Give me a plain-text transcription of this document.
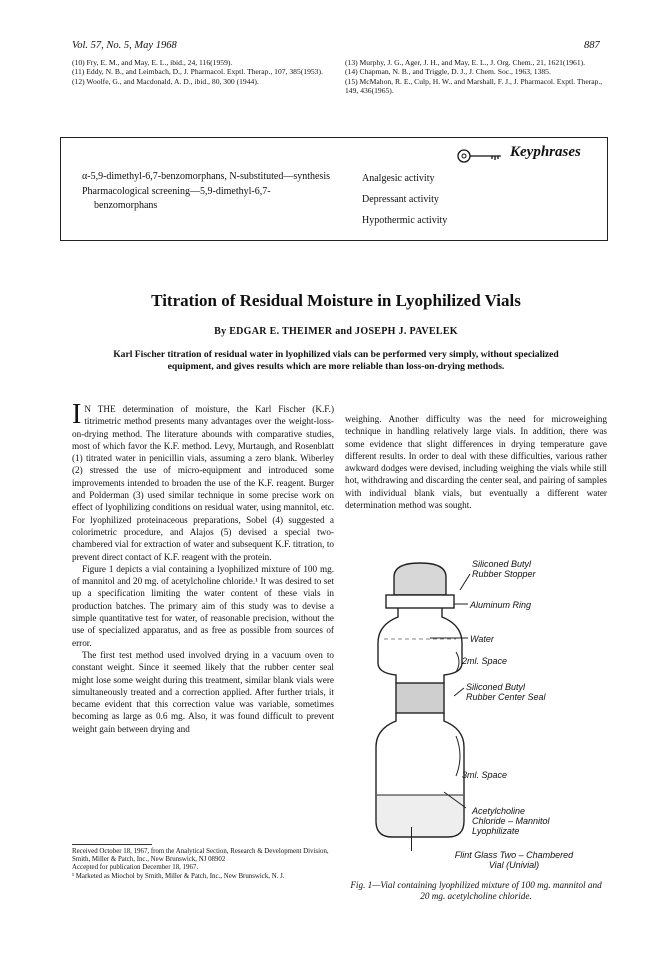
Vol. 57, No. 5, May 1968	887

(10) Fry, E. M., and May, E. L., ibid., 24, 116(1959).

(11) Eddy, N. B., and Leimbach, D., J. Pharmacol. Exptl. Therap., 107, 385(1953).

(12) Woolfe, G., and Macdonald, A. D., ibid., 80, 300 (1944).

(13) Murphy, J. G., Ager, J. H., and May, E. L., J. Org. Chem., 21, 1621(1961).

(14) Chapman, N. B., and Triggle, D. J., J. Chem. Soc., 1963, 1385.

(15) McMahon, R. E., Culp, H. W., and Marshall, F. J., J. Pharmacol. Exptl. Therap., 149, 436(1965).

Keyphrases
α-5,9-dimethyl-6,7-benzomorphans, N-substituted—synthesis
Pharmacological screening—5,9-dimethyl-6,7-benzomorphans
Analgesic activity
Depressant activity
Hypothermic activity
Titration of Residual Moisture in Lyophilized Vials
By EDGAR E. THEIMER and JOSEPH J. PAVELEK
Karl Fischer titration of residual water in lyophilized vials can be performed very simply, without specialized equipment, and gives results which are more reliable than loss-on-drying methods.

I N THE determination of moisture, the Karl Fischer (K.F.) titrimetric method presents many advantages over the weight-loss-on-drying method. The literature abounds with comparative studies, most of which favor the K.F. method. Levy, Murtaugh, and Rosenblatt (1) titrated water in penicillin vials, assuming a zero blank. Wiberley (2) stressed the use of micro-equipment and introduced some improvements intended to broaden the use of the K.F. reagent. Burger and Polderman (3) used similar technique in some precise work on effect of lyophilizing conditions on residual water, using mannitol, etc. For lyophilized proteinaceous preparations, Sobel (4) suggested a colorimetric procedure, and Alajos (5) devised a special two-chambered vial for extraction of water and subsequent K.F. titration, to prevent direct contact of K.F. reagent with the protein.

Figure 1 depicts a vial containing a lyophilized mixture of 100 mg. of mannitol and 20 mg. of acetylcholine chloride.¹ It was desired to set up a specification limiting the water content of these vials in production batches. The primary aim of this study was to devise a simple quantitative test for water, of reasonable precision, without the use of specialized apparatus, and as free as possible from sources of error.

The first test method used involved drying in a vacuum oven to constant weight. Since it seemed likely that the rubber center seal might lose some weight during this treatment, similar blank vials were simultaneously treated and a correction applied. After further trials, it became evident that this correction value was variable, sometimes becoming as large as 0.6 mg. Also, it was found difficult to prevent weight gain between drying and

Received October 18, 1967, from the Analytical Section, Research & Development Division, Smith, Miller & Patch, Inc., New Brunswick, NJ 08902

Accepted for publication December 18, 1967.

¹ Marketed as Miochol by Smith, Miller & Patch, Inc., New Brunswick, N. J.

weighing. Another difficulty was the need for microweighing technique in handling relatively large vials. In addition, there was some evidence that slight differences in drying temperature gave different results. In order to deal with these difficulties, various rather awkward dodges were devised, including weighing the vials while still hot, withdrawing and discarding the center seal, and pairing of samples with individual blank vials, but eventually a different water determination method was sought.

Siliconed Butyl
Rubber Stopper
Aluminum Ring
Water
2ml. Space
Siliconed Butyl
Rubber Center Seal
3ml. Space
Acetylcholine
Chloride – Mannitol
Lyophilizate
Flint Glass Two – Chambered
Vial (Univial)
Fig. 1—Vial containing lyophilized mixture of 100 mg. mannitol and 20 mg. acetylcholine chloride.
